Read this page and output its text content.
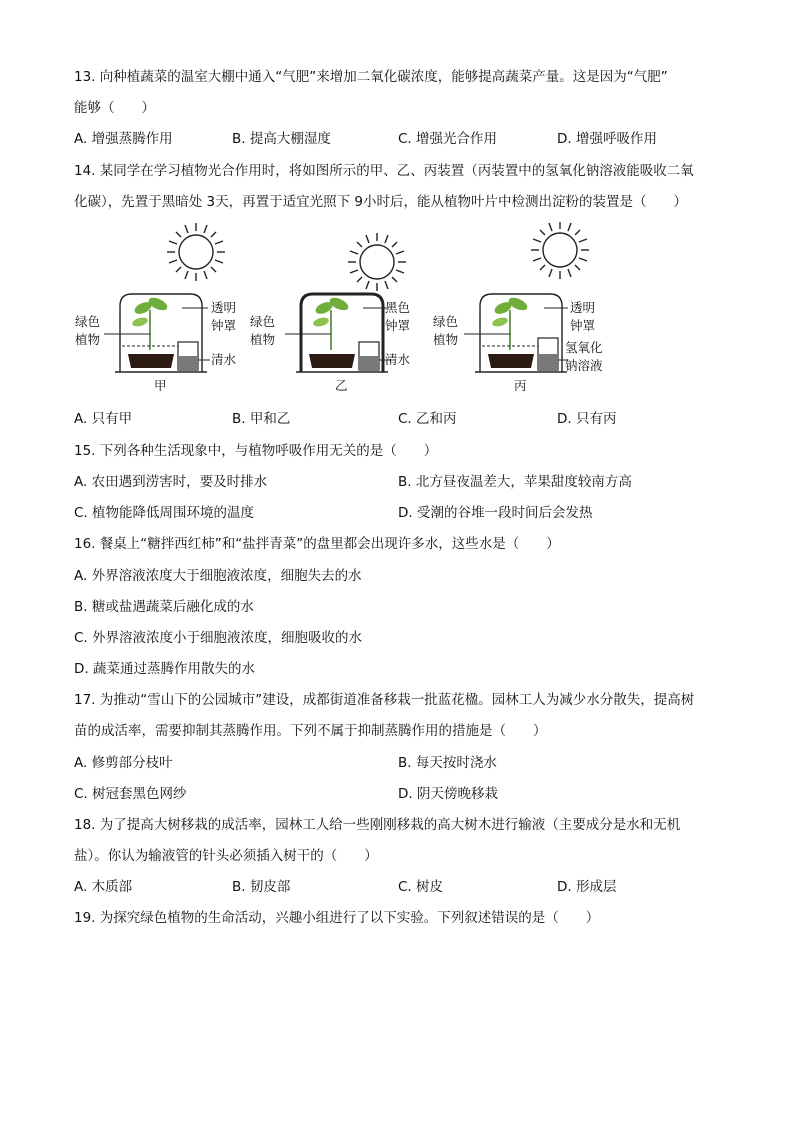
13. 向种植蔬菜的温室大棚中通入“气肥”来增加二氧化碳浓度，能够提高蔬菜产量。这是因为“气肥”
能够（　　）
A. 增强蒸腾作用	B. 提高大棚湿度	C. 增强光合作用	D. 增强呼吸作用
14. 某同学在学习植物光合作用时，将如图所示的甲、乙、丙装置（丙装置中的氢氧化钠溶液能吸收二氧
化碳），先置于黑暗处 3天，再置于适宜光照下 9小时后，能从植物叶片中检测出淀粉的装置是（　　）
绿色
植物
透明
钟罩
清水
甲
绿色
植物
黑色
钟罩
清水
乙
绿色
植物
透明
钟罩
氢氧化
钠溶液
丙
A. 只有甲	B. 甲和乙	C. 乙和丙	D. 只有丙
15. 下列各种生活现象中，与植物呼吸作用无关的是（　　）
A. 农田遇到涝害时，要及时排水	B. 北方昼夜温差大，苹果甜度较南方高
C. 植物能降低周围环境的温度	D. 受潮的谷堆一段时间后会发热
16. 餐桌上“糖拌西红柿”和“盐拌青菜”的盘里都会出现许多水，这些水是（　　）
A. 外界溶液浓度大于细胞液浓度，细胞失去的水
B. 糖或盐遇蔬菜后融化成的水
C. 外界溶液浓度小于细胞液浓度，细胞吸收的水
D. 蔬菜通过蒸腾作用散失的水
17. 为推动“雪山下的公园城市”建设，成都街道准备移栽一批蓝花楹。园林工人为减少水分散失，提高树
苗的成活率，需要抑制其蒸腾作用。下列不属于抑制蒸腾作用的措施是（　　）
A. 修剪部分枝叶	B. 每天按时浇水
C. 树冠套黑色网纱	D. 阴天傍晚移栽
18. 为了提高大树移栽的成活率，园林工人给一些刚刚移栽的高大树木进行输液（主要成分是水和无机
盐）。你认为输液管的针头必须插入树干的（　　）
A. 木质部	B. 韧皮部	C. 树皮	D. 形成层
19. 为探究绿色植物的生命活动，兴趣小组进行了以下实验。下列叙述错误的是（　　）
